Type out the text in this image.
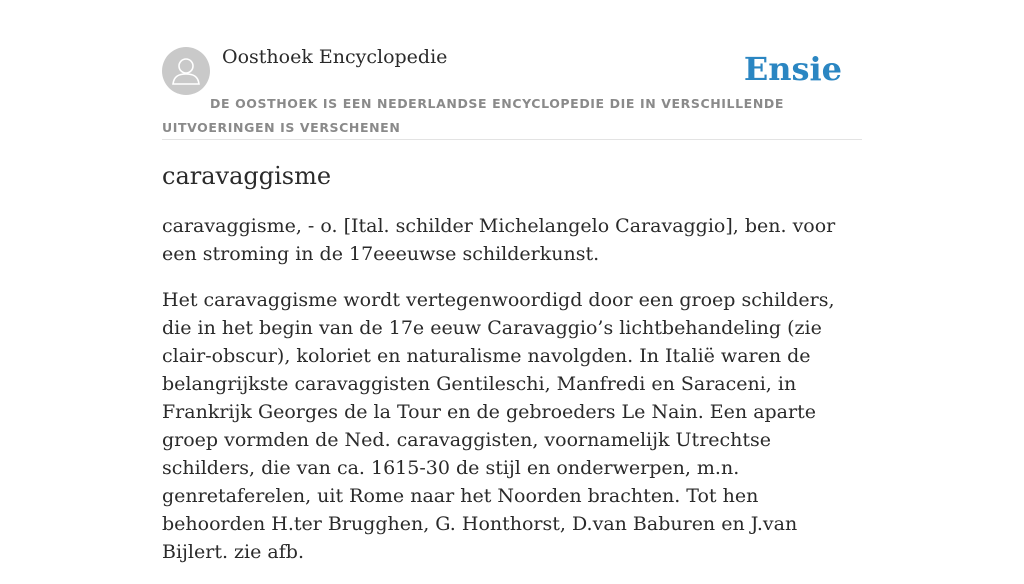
Oosthoek Encyclopedie	Ensie
DE OOSTHOEK IS EEN NEDERLANDSE ENCYCLOPEDIE DIE IN VERSCHILLENDE UITVOERINGEN IS VERSCHENEN
caravaggisme

caravaggisme, - o. [Ital. schilder Michelangelo Caravaggio], ben. voor een stroming in de 17eeeuwse schilderkunst.

Het caravaggisme wordt vertegenwoordigd door een groep schilders, die in het begin van de 17e eeuw Caravaggio’s lichtbehandeling (zie clair-obscur), koloriet en naturalisme navolgden. In Italië waren de belangrijkste caravaggisten Gentileschi, Manfredi en Saraceni, in Frankrijk Georges de la Tour en de gebroeders Le Nain. Een aparte groep vormden de Ned. caravaggisten, voornamelijk Utrechtse schilders, die van ca. 1615-30 de stijl en onderwerpen, m.n. genretaferelen, uit Rome naar het Noorden brachten. Tot hen behoorden H.ter Brugghen, G. Honthorst, D.van Baburen en J.van Bijlert. zie afb.
